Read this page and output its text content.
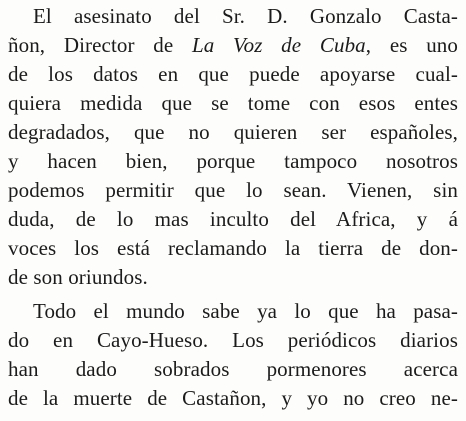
El asesinato del Sr. D. Gonzalo Casta-
ñon, Director de La Voz de Cuba, es uno
de los datos en que puede apoyarse cual-
quiera medida que se tome con esos entes
degradados, que no quieren ser españoles,
y hacen bien, porque tampoco nosotros
podemos permitir que lo sean. Vienen, sin
duda, de lo mas inculto del Africa, y á
voces los está reclamando la tierra de don-
de son oriundos.
Todo el mundo sabe ya lo que ha pasa-
do en Cayo-Hueso. Los periódicos diarios
han dado sobrados pormenores acerca
de la muerte de Castañon, y yo no creo ne-
